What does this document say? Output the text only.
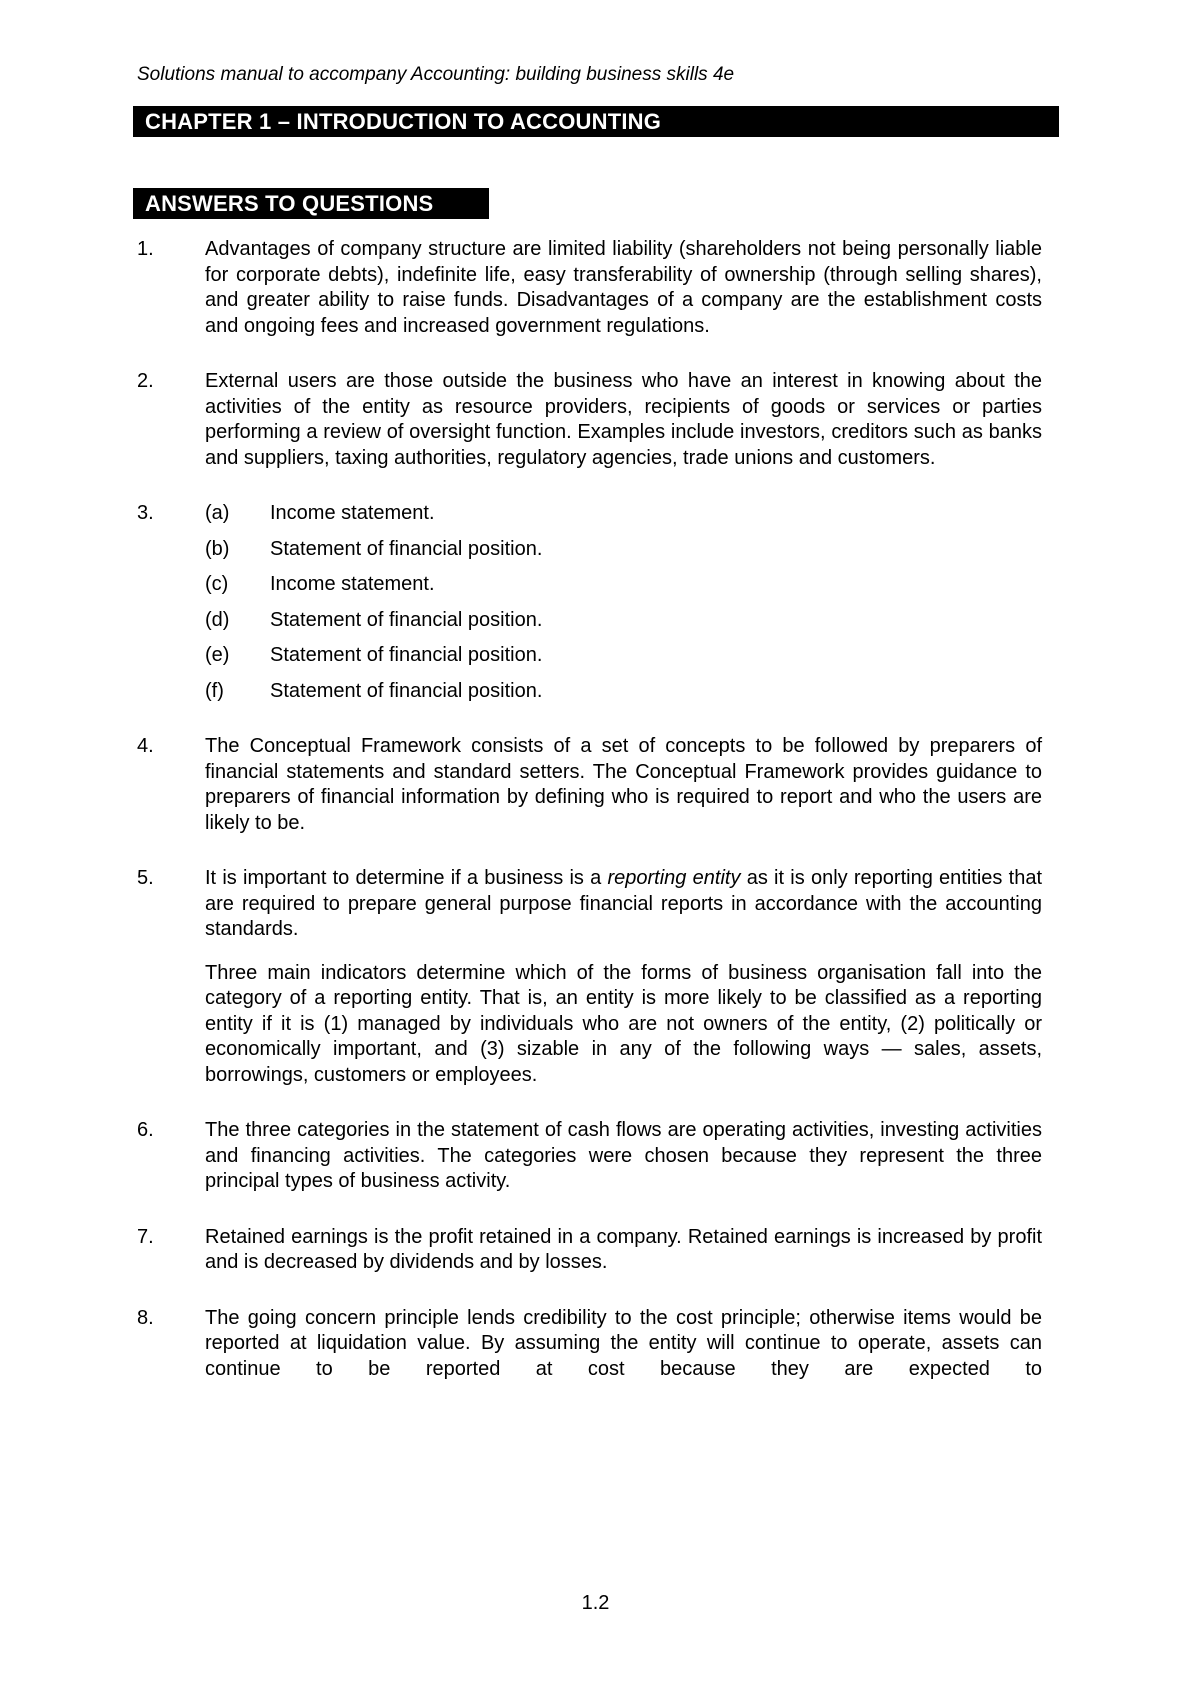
Solutions manual to accompany Accounting: building business skills 4e
CHAPTER 1 – INTRODUCTION TO ACCOUNTING
ANSWERS TO QUESTIONS
1.	Advantages of company structure are limited liability (shareholders not being personally liable for corporate debts), indefinite life, easy transferability of ownership (through selling shares), and greater ability to raise funds. Disadvantages of a company are the establishment costs and ongoing fees and increased government regulations.

2.	External users are those outside the business who have an interest in knowing about the activities of the entity as resource providers, recipients of goods or services or parties performing a review of oversight function. Examples include investors, creditors such as banks and suppliers, taxing authorities, regulatory agencies, trade unions and customers.

3.	(a)	Income statement.
(b)	Statement of financial position.
(c)	Income statement.
(d)	Statement of financial position.
(e)	Statement of financial position.
(f)	Statement of financial position.
4.	The Conceptual Framework consists of a set of concepts to be followed by preparers of financial statements and standard setters. The Conceptual Framework provides guidance to preparers of financial information by defining who is required to report and who the users are likely to be.

5.	It is important to determine if a business is a reporting entity as it is only reporting entities that are required to prepare general purpose financial reports in accordance with the accounting standards.

Three main indicators determine which of the forms of business organisation fall into the category of a reporting entity. That is, an entity is more likely to be classified as a reporting entity if it is (1) managed by individuals who are not owners of the entity, (2) politically or economically important, and (3) sizable in any of the following ways — sales, assets, borrowings, customers or employees.

6.	The three categories in the statement of cash flows are operating activities, investing activities and financing activities. The categories were chosen because they represent the three principal types of business activity.

7.	Retained earnings is the profit retained in a company. Retained earnings is increased by profit and is decreased by dividends and by losses.

8.	The going concern principle lends credibility to the cost principle; otherwise items would be reported at liquidation value. By assuming the entity will continue to operate, assets can continue to be reported at cost because they are expected to

1.2
